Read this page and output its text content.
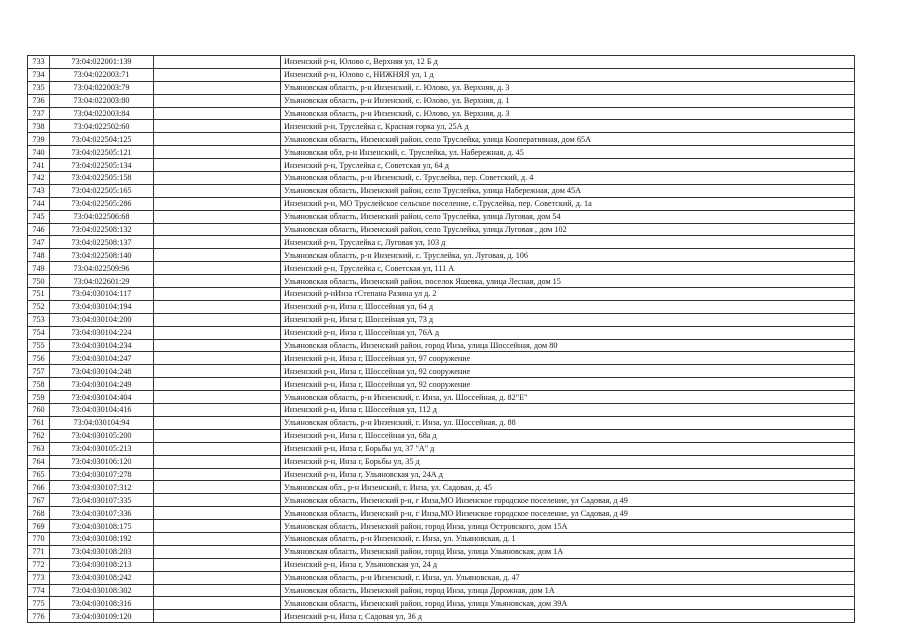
733	73:04:022001:139		Инзенский р-н, Юлово с, Верхняя ул, 12 Б д
734	73:04:022003:71		Инзенский р-н, Юлово с, НИЖНЯЯ ул, 1 д
735	73:04:022003:79		Ульяновская область, р-н Инзенский, с. Юлово, ул. Верхняя, д. 3
736	73:04:022003:80		Ульяновская область, р-н Инзенский, с. Юлово, ул. Верхняя, д. 1
737	73:04:022003:84		Ульяновская область, р-н Инзенский, с. Юлово, ул. Верхняя, д. 3
738	73:04:022502:60		Инзенский р-н, Труслейка с, Красная горка ул, 25А д
739	73:04:022504:125		Ульяновская область, Инзенский район, село Труслейка, улица Кооперативная, дом 65А
740	73:04:022505:121		Ульяновская обл, р-н Инзенский, с. Труслейка, ул. Набережная, д. 45
741	73:04:022505:134		Инзенский р-н, Труслейка с, Советская ул, 64 д
742	73:04:022505:158		Ульяновская область, р-н Инзенский, с. Труслейка, пер. Советский, д. 4
743	73:04:022505:165		Ульяновская область, Инзенский район, село Труслейка, улица Набережная, дом 45А
744	73:04:022505:286		Инзенский р-н, МО Труслейское сельское поселение, с.Труслейка, пер. Советский, д. 1а
745	73:04:022506:68		Ульяновская область, Инзенский район, село Труслейка, улица Луговая, дом 54
746	73:04:022508:132		Ульяновская область, Инзенский район, село Труслейка, улица Луговая , дом 102
747	73:04:022508:137		Инзенский р-н, Труслейка с, Луговая ул, 103 д
748	73:04:022508:140		Ульяновская область, р-н Инзенский, с. Труслейка, ул. Луговая, д. 106
749	73:04:022509:96		Инзенский р-н, Труслейка с, Советская ул, 111 А
750	73:04:022601:29		Ульяновская область, Инзенский район, поселок Яшевка, улица Лесная, дом 15
751	73:04:030104:117		Инзенский р-нИнза гСтепана Разина ул д. 2
752	73:04:030104:194		Инзенский р-н, Инза г, Шоссейная ул, 64 д
753	73:04:030104:200		Инзенский р-н, Инза г, Шоссейная ул, 73 д
754	73:04:030104:224		Инзенский р-н, Инза г, Шоссейная ул, 76А д
755	73:04:030104:234		Ульяновская область, Инзенский район, город Инза, улица Шоссейная, дом 80
756	73:04:030104:247		Инзенский р-н, Инза г, Шоссейная ул, 97 сооружение
757	73:04:030104:248		Инзенский р-н, Инза г, Шоссейная ул, 92 сооружение
758	73:04:030104:249		Инзенский р-н, Инза г, Шоссейная ул, 92 сооружение
759	73:04:030104:404		Ульяновская область, р-н Инзенский, г. Инза, ул. Шоссейная, д. 82"Е"
760	73:04:030104:416		Инзенский р-н, Инза г, Шоссейная ул, 112 д
761	73:04:030104:94		Ульяновская область, р-н Инзенский, г. Инза, ул. Шоссейная, д. 88
762	73:04:030105:200		Инзенский р-н, Инза г, Шоссейная ул, 68а д
763	73:04:030105:213		Инзенский р-н, Инза г, Борьбы ул, 37 "А" д
764	73:04:030106:120		Инзенский р-н, Инза г, Борьбы ул, 35 д
765	73:04:030107:278		Инзенский р-н, Инза г, Ульяновская ул, 24А д
766	73:04:030107:312		Ульяновская обл., р-н Инзенский, г. Инза, ул. Садовая, д. 45
767	73:04:030107:335		Ульяновская область, Инзенский р-н, г Инза,МО Инзенское городское поселение, ул Садовая, д 49
768	73:04:030107:336		Ульяновская область, Инзенский р-н, г Инза,МО Инзенское городское поселение, ул Садовая, д 49
769	73:04:030108:175		Ульяновская область, Инзенский район, город Инза, улица Островского, дом 15А
770	73:04:030108:192		Ульяновская область, р-н Инзенский, г. Инза, ул. Ульяновская, д. 1
771	73:04:030108:203		Ульяновская область, Инзенский район, город Инза, улица Ульяновская, дом 1А
772	73:04:030108:213		Инзенский р-н, Инза г, Ульяновская ул, 24 д
773	73:04:030108:242		Ульяновская область, р-н Инзенский, г. Инза, ул. Ульяновская, д. 47
774	73:04:030108:302		Ульяновская область, Инзенский район, город Инза, улица Дорожная, дом 1А
775	73:04:030108:316		Ульяновская область, Инзенский район, город Инза, улица Ульяновская, дом 39А
776	73:04:030109:120		Инзенский р-н, Инза г, Садовая ул, 36 д
